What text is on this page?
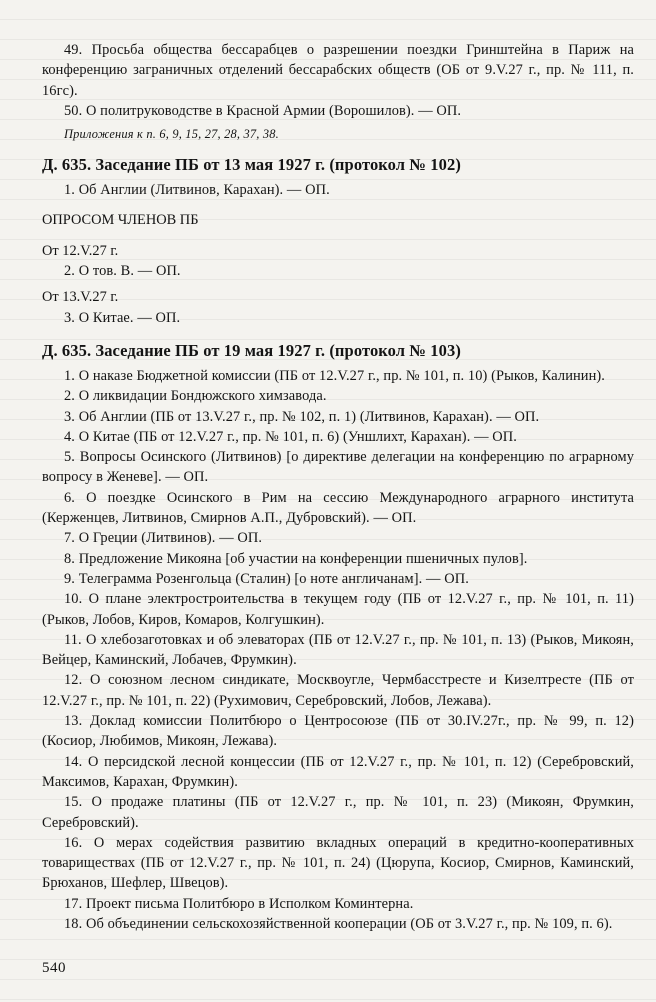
49. Просьба общества бессарабцев о разрешении поездки Гринштейна в Париж на конференцию заграничных отделений бессарабских обществ (ОБ от 9.V.27 г., пр. № 111, п. 16гс).

50. О политруководстве в Красной Армии (Ворошилов). — ОП.

Приложения к п. 6, 9, 15, 27, 28, 37, 38.

Д. 635. Заседание ПБ от 13 мая 1927 г. (протокол № 102)

1. Об Англии (Литвинов, Карахан). — ОП.

ОПРОСОМ ЧЛЕНОВ ПБ

От 12.V.27 г.

2. О тов. В. — ОП.

От 13.V.27 г.

3. О Китае. — ОП.

Д. 635. Заседание ПБ от 19 мая 1927 г. (протокол № 103)

1. О наказе Бюджетной комиссии (ПБ от 12.V.27 г., пр. № 101, п. 10) (Рыков, Калинин).

2. О ликвидации Бондюжского химзавода.

3. Об Англии (ПБ от 13.V.27 г., пр. № 102, п. 1) (Литвинов, Карахан). — ОП.

4. О Китае (ПБ от 12.V.27 г., пр. № 101, п. 6) (Уншлихт, Карахан). — ОП.

5. Вопросы Осинского (Литвинов) [о директиве делегации на конференцию по аграрному вопросу в Женеве]. — ОП.

6. О поездке Осинского в Рим на сессию Международного аграрного института (Керженцев, Литвинов, Смирнов А.П., Дубровский). — ОП.

7. О Греции (Литвинов). — ОП.

8. Предложение Микояна [об участии на конференции пшеничных пулов].

9. Телеграмма Розенгольца (Сталин) [о ноте англичанам]. — ОП.

10. О плане электростроительства в текущем году (ПБ от 12.V.27 г., пр. № 101, п. 11) (Рыков, Лобов, Киров, Комаров, Колгушкин).

11. О хлебозаготовках и об элеваторах (ПБ от 12.V.27 г., пр. № 101, п. 13) (Рыков, Микоян, Вейцер, Каминский, Лобачев, Фрумкин).

12. О союзном лесном синдикате, Москвоугле, Чермбасстресте и Кизелтресте (ПБ от 12.V.27 г., пр. № 101, п. 22) (Рухимович, Серебровский, Лобов, Лежава).

13. Доклад комиссии Политбюро о Центросоюзе (ПБ от 30.IV.27г., пр. № 99, п. 12) (Косиор, Любимов, Микоян, Лежава).

14. О персидской лесной концессии (ПБ от 12.V.27 г., пр. № 101, п. 12) (Серебровский, Максимов, Карахан, Фрумкин).

15. О продаже платины (ПБ от 12.V.27 г., пр. № 101, п. 23) (Микоян, Фрумкин, Серебровский).

16. О мерах содействия развитию вкладных операций в кредитно-кооперативных товариществах (ПБ от 12.V.27 г., пр. № 101, п. 24) (Цюрупа, Косиор, Смирнов, Каминский, Брюханов, Шефлер, Швецов).

17. Проект письма Политбюро в Исполком Коминтерна.

18. Об объединении сельскохозяйственной кооперации (ОБ от 3.V.27 г., пр. № 109, п. 6).

540
